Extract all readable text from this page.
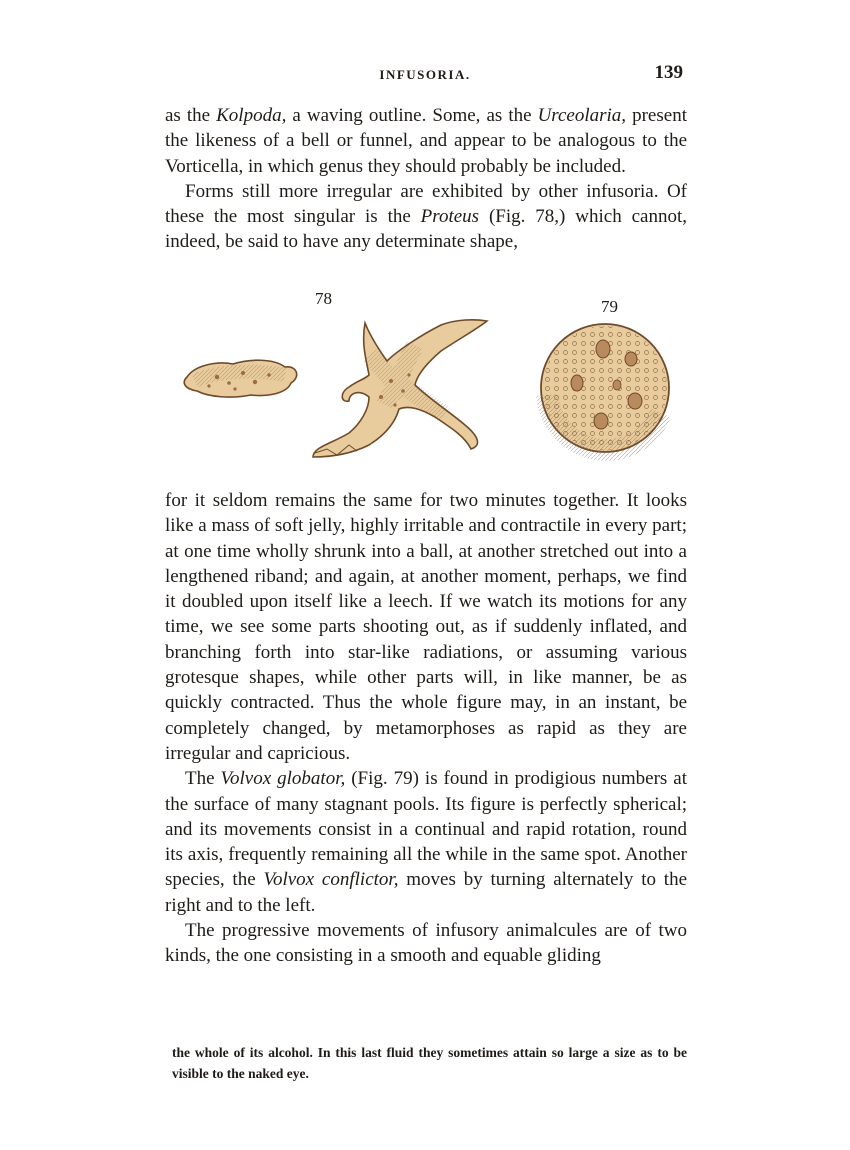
INFUSORIA.	139

as the Kolpoda, a waving outline. Some, as the Urceolaria, present the likeness of a bell or funnel, and appear to be analogous to the Vorticella, in which genus they should probably be included.

Forms still more irregular are exhibited by other infusoria. Of these the most singular is the Proteus (Fig. 78,) which cannot, indeed, be said to have any determinate shape,

78	79

for it seldom remains the same for two minutes together. It looks like a mass of soft jelly, highly irritable and contractile in every part; at one time wholly shrunk into a ball, at another stretched out into a lengthened riband; and again, at another moment, perhaps, we find it doubled upon itself like a leech. If we watch its motions for any time, we see some parts shooting out, as if suddenly inflated, and branching forth into star-like radiations, or assuming various grotesque shapes, while other parts will, in like manner, be as quickly contracted. Thus the whole figure may, in an instant, be completely changed, by metamorphoses as rapid as they are irregular and capricious.

The Volvox globator, (Fig. 79) is found in prodigious numbers at the surface of many stagnant pools. Its figure is perfectly spherical; and its movements consist in a continual and rapid rotation, round its axis, frequently remaining all the while in the same spot. Another species, the Volvox conflictor, moves by turning alternately to the right and to the left.

The progressive movements of infusory animalcules are of two kinds, the one consisting in a smooth and equable gliding

the whole of its alcohol. In this last fluid they sometimes attain so large a size as to be visible to the naked eye.
